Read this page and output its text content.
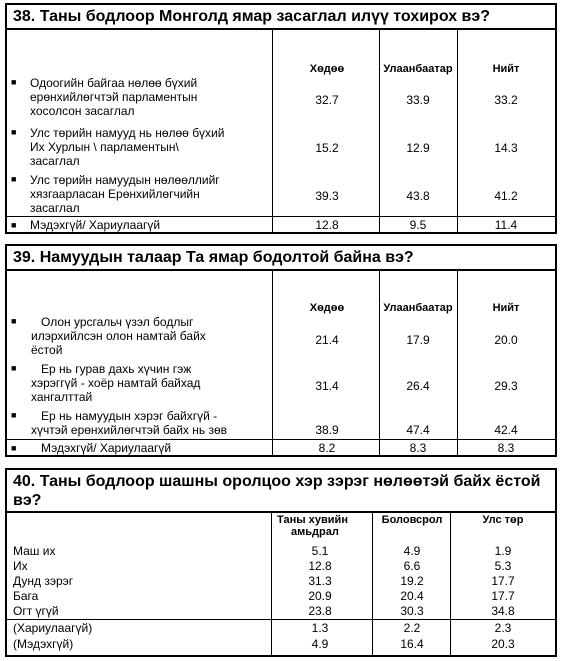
38. Таны бодлоор Монголд ямар засаглал илүү тохирох вэ?
Хөдөө	Улаанбаатар	Нийт
■ Одоогийн байгаа нөлөө бүхий
ерөнхийлөгчтэй парламентын
хосолсон засаглал
32.7	33.9	33.2
■ Улс төрийн намууд нь нөлөө бүхий
Их Хурлын \ парламентын\
засаглал
15.2	12.9	14.3
■ Улс төрийн намуудын нөлөөллийг
хязгаарласан Ерөнхийлөгчийн
засаглал
39.3	43.8	41.2
■ Мэдэхгүй/ Хариулаагүй	12.8	9.5	11.4
39. Намуудын талаар Та ямар бодолтой байна вэ?
Хөдөө	Улаанбаатар	Нийт
■ Олон урсгальч үзэл бодлыг
илэрхийлсэн олон намтай байх
ёстой
21.4	17.9	20.0
■ Ер нь гурав дахь хүчин гэж
хэрэггүй - хоёр намтай байхад
хангалттай
31.4	26.4	29.3
■ Ер нь намуудын хэрэг байхгүй -
хүчтэй ерөнхийлөгчтэй байх нь зөв	38.9	47.4	42.4
■ Мэдэхгүй/ Хариулаагүй	8.2	8.3	8.3
40. Таны бодлоор шашны оролцоо хэр зэрэг нөлөөтэй байх ёстой
вэ?
Таны хувийн
амьдрал
Боловсрол	Улс төр
Маш их	5.1	4.9	1.9
Их	12.8	6.6	5.3
Дунд зэрэг	31.3	19.2	17.7
Бага	20.9	20.4	17.7
Огт үгүй	23.8	30.3	34.8
(Хариулаагүй)	1.3	2.2	2.3
(Мэдэхгүй)	4.9	16.4	20.3
